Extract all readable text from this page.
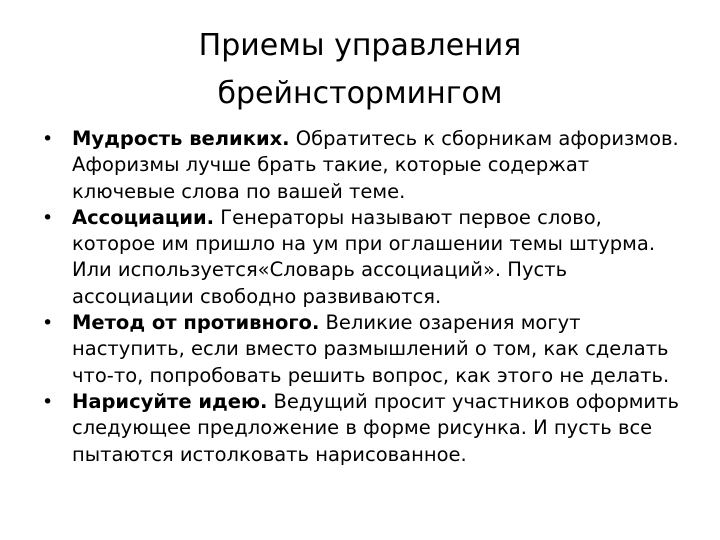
Приемы управления
брейнстормингом
• Мудрость великих. Обратитесь к сборникам афоризмов. Афоризмы лучше брать такие, которые содержат ключевые слова по вашей теме.
• Ассоциации. Генераторы называют первое слово, которое им пришло на ум при оглашении темы штурма. Или используется«Словарь ассоциаций». Пусть ассоциации свободно развиваются.
• Метод от противного. Великие озарения могут наступить, если вместо размышлений о том, как сделать что-то, попробовать решить вопрос, как этого не делать.
• Нарисуйте идею. Ведущий просит участников оформить следующее предложение в форме рисунка. И пусть все пытаются истолковать нарисованное.
